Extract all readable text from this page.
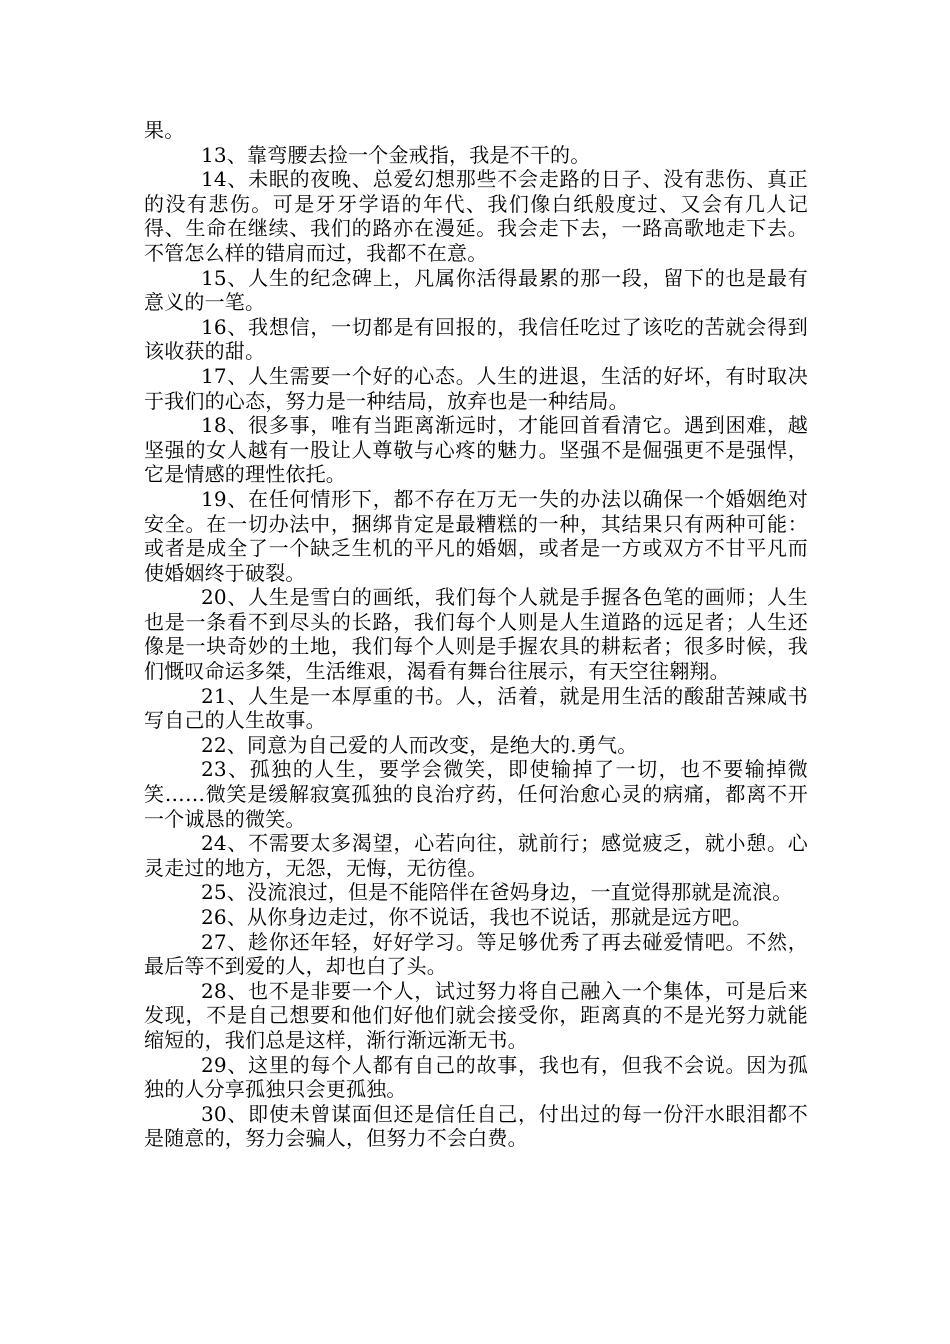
果。

13、靠弯腰去捡一个金戒指，我是不干的。

14、未眠的夜晚、总爱幻想那些不会走路的日子、没有悲伤、真正的没有悲伤。可是牙牙学语的年代、我们像白纸般度过、又会有几人记得、生命在继续、我们的路亦在漫延。我会走下去，一路高歌地走下去。不管怎么样的错肩而过，我都不在意。

15、人生的纪念碑上，凡属你活得最累的那一段，留下的也是最有意义的一笔。

16、我想信，一切都是有回报的，我信任吃过了该吃的苦就会得到该收获的甜。

17、人生需要一个好的心态。人生的进退，生活的好坏，有时取决于我们的心态，努力是一种结局，放弃也是一种结局。

18、很多事，唯有当距离渐远时，才能回首看清它。遇到困难，越坚强的女人越有一股让人尊敬与心疼的魅力。坚强不是倔强更不是强悍，它是情感的理性依托。

19、在任何情形下，都不存在万无一失的办法以确保一个婚姻绝对安全。在一切办法中，捆绑肯定是最糟糕的一种，其结果只有两种可能：或者是成全了一个缺乏生机的平凡的婚姻，或者是一方或双方不甘平凡而使婚姻终于破裂。

20、人生是雪白的画纸，我们每个人就是手握各色笔的画师；人生也是一条看不到尽头的长路，我们每个人则是人生道路的远足者；人生还像是一块奇妙的土地，我们每个人则是手握农具的耕耘者；很多时候，我们慨叹命运多桀，生活维艰，渴看有舞台往展示，有天空往翱翔。

21、人生是一本厚重的书。人，活着，就是用生活的酸甜苦辣咸书写自己的人生故事。

22、同意为自己爱的人而改变，是绝大的.勇气。

23、孤独的人生，要学会微笑，即使输掉了一切，也不要输掉微笑……微笑是缓解寂寞孤独的良治疗药，任何治愈心灵的病痛，都离不开一个诚恳的微笑。

24、不需要太多渴望，心若向往，就前行；感觉疲乏，就小憩。心灵走过的地方，无怨，无悔，无彷徨。

25、没流浪过，但是不能陪伴在爸妈身边，一直觉得那就是流浪。

26、从你身边走过，你不说话，我也不说话，那就是远方吧。

27、趁你还年轻，好好学习。等足够优秀了再去碰爱情吧。不然，最后等不到爱的人，却也白了头。

28、也不是非要一个人，试过努力将自己融入一个集体，可是后来发现，不是自己想要和他们好他们就会接受你，距离真的不是光努力就能缩短的，我们总是这样，渐行渐远渐无书。

29、这里的每个人都有自己的故事，我也有，但我不会说。因为孤独的人分享孤独只会更孤独。

30、即使未曾谋面但还是信任自己，付出过的每一份汗水眼泪都不是随意的，努力会骗人，但努力不会白费。
